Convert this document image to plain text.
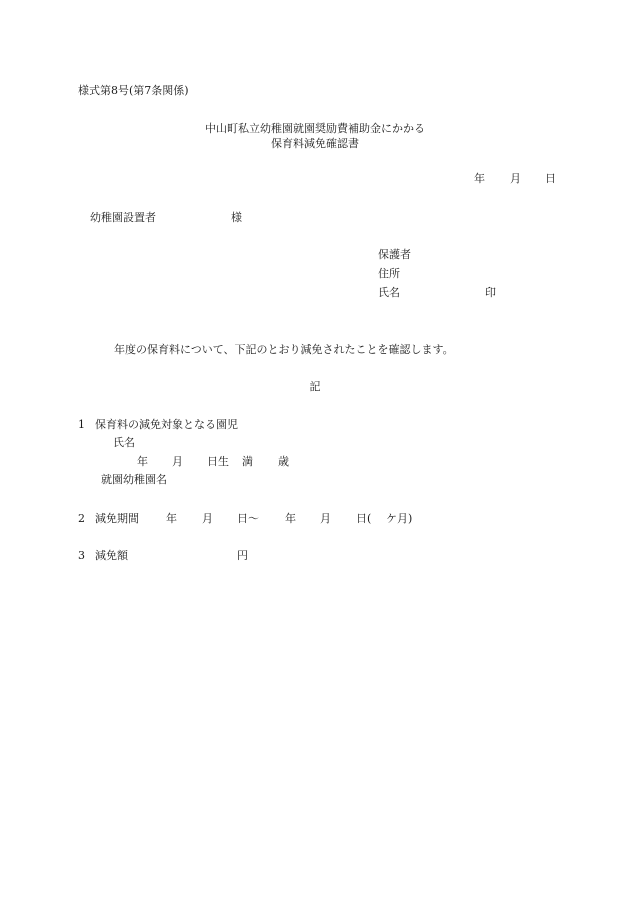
様式第8号(第7条関係)
中山町私立幼稚園就園奨励費補助金にかかる
保育料減免確認書
年 月 日
幼稚園設置者	様
保護者
住所
氏名	印
年度の保育料について、下記のとおり減免されたことを確認します。
記
1 保育料の減免対象となる園児
氏名
年 月 日生 満 歳
就園幼稚園名
2 減免期間 年 月 日～ 年 月 日( ケ月)
3 減免額	円
